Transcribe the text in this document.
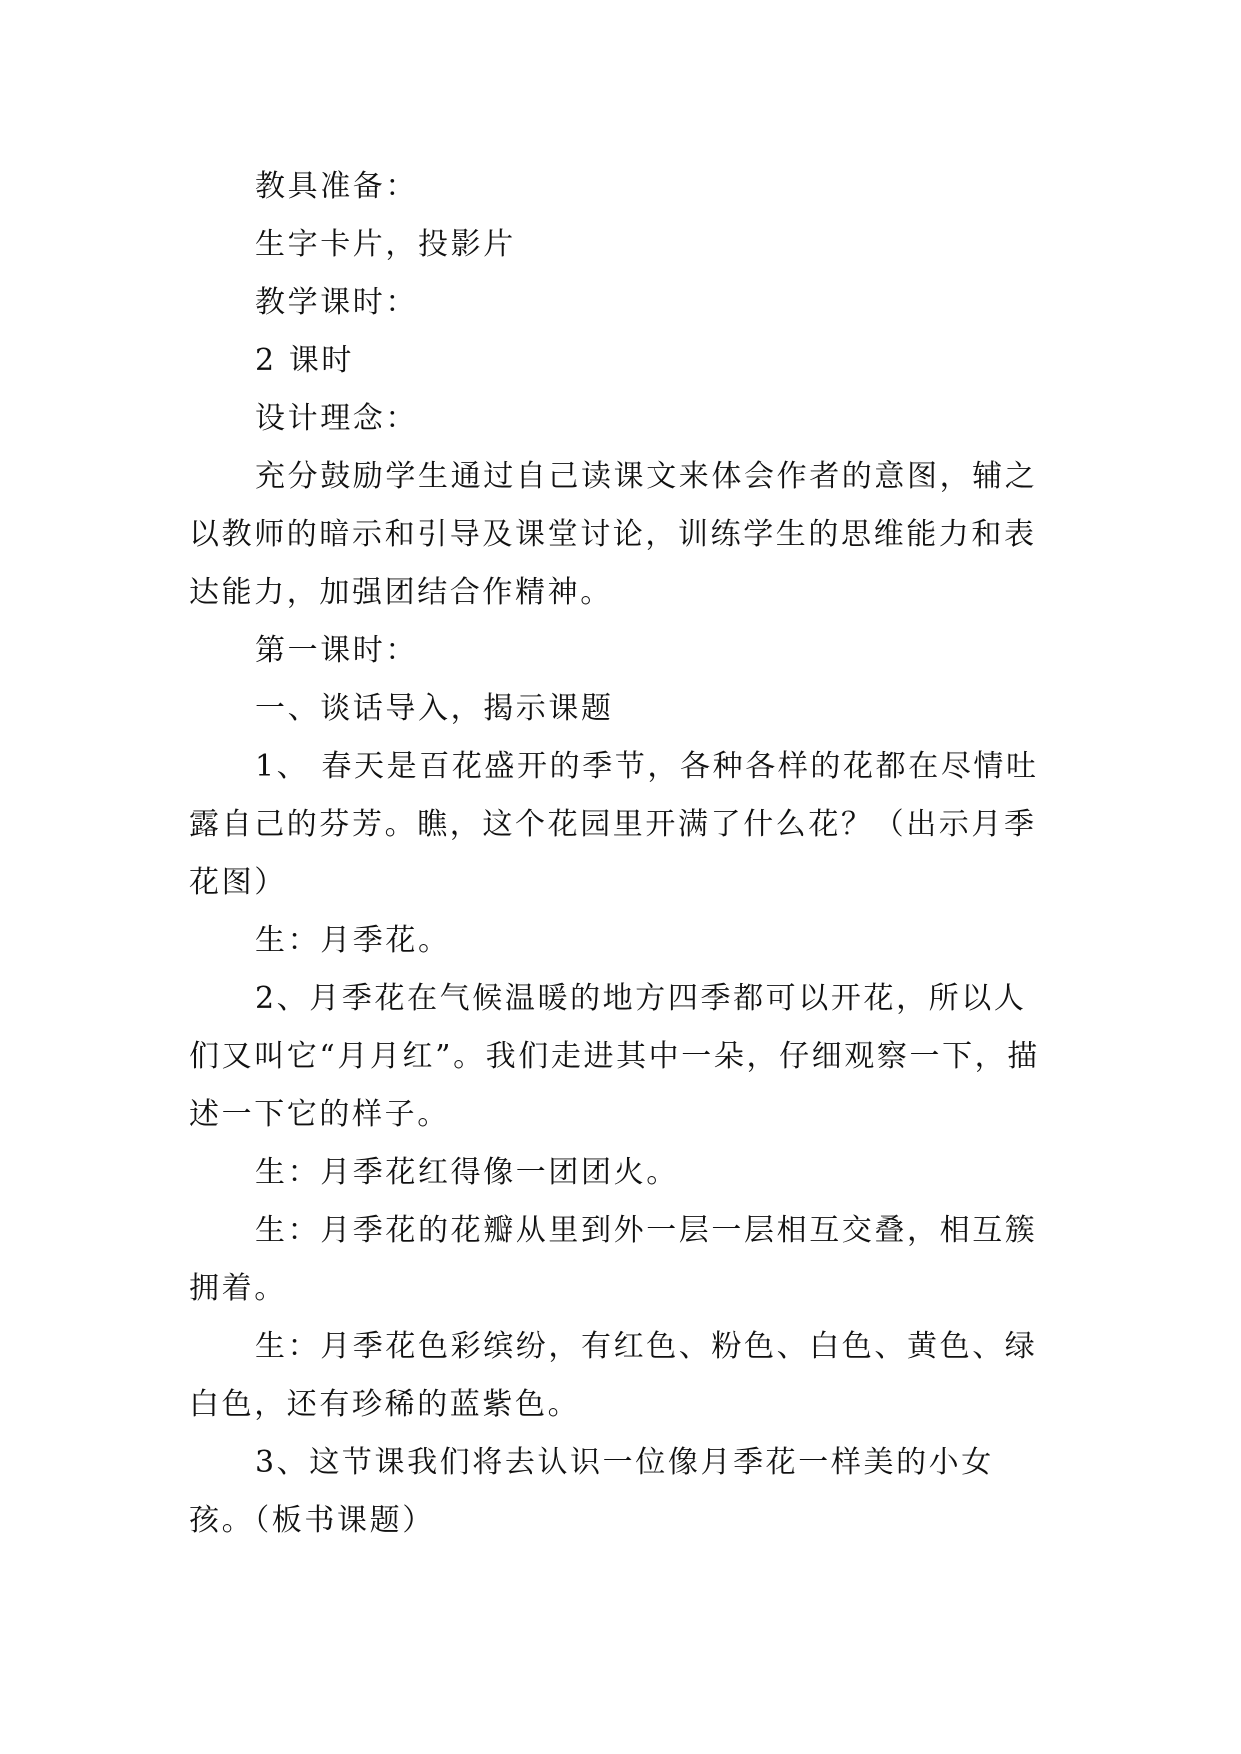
教具准备：

生字卡片，投影片

教学课时：

2 课时

设计理念：

充分鼓励学生通过自己读课文来体会作者的意图，辅之以教师的暗示和引导及课堂讨论，训练学生的思维能力和表达能力，加强团结合作精神。

第一课时：

一、谈话导入，揭示课题

1、 春天是百花盛开的季节，各种各样的花都在尽情吐露自己的芬芳。瞧，这个花园里开满了什么花？（出示月季花图）

生：月季花。

2、月季花在气候温暖的地方四季都可以开花，所以人们又叫它“月月红”。我们走进其中一朵，仔细观察一下，描述一下它的样子。

生：月季花红得像一团团火。

生：月季花的花瓣从里到外一层一层相互交叠，相互簇拥着。

生：月季花色彩缤纷，有红色、粉色、白色、黄色、绿白色，还有珍稀的蓝紫色。

3、这节课我们将去认识一位像月季花一样美的小女孩。（板书课题）
